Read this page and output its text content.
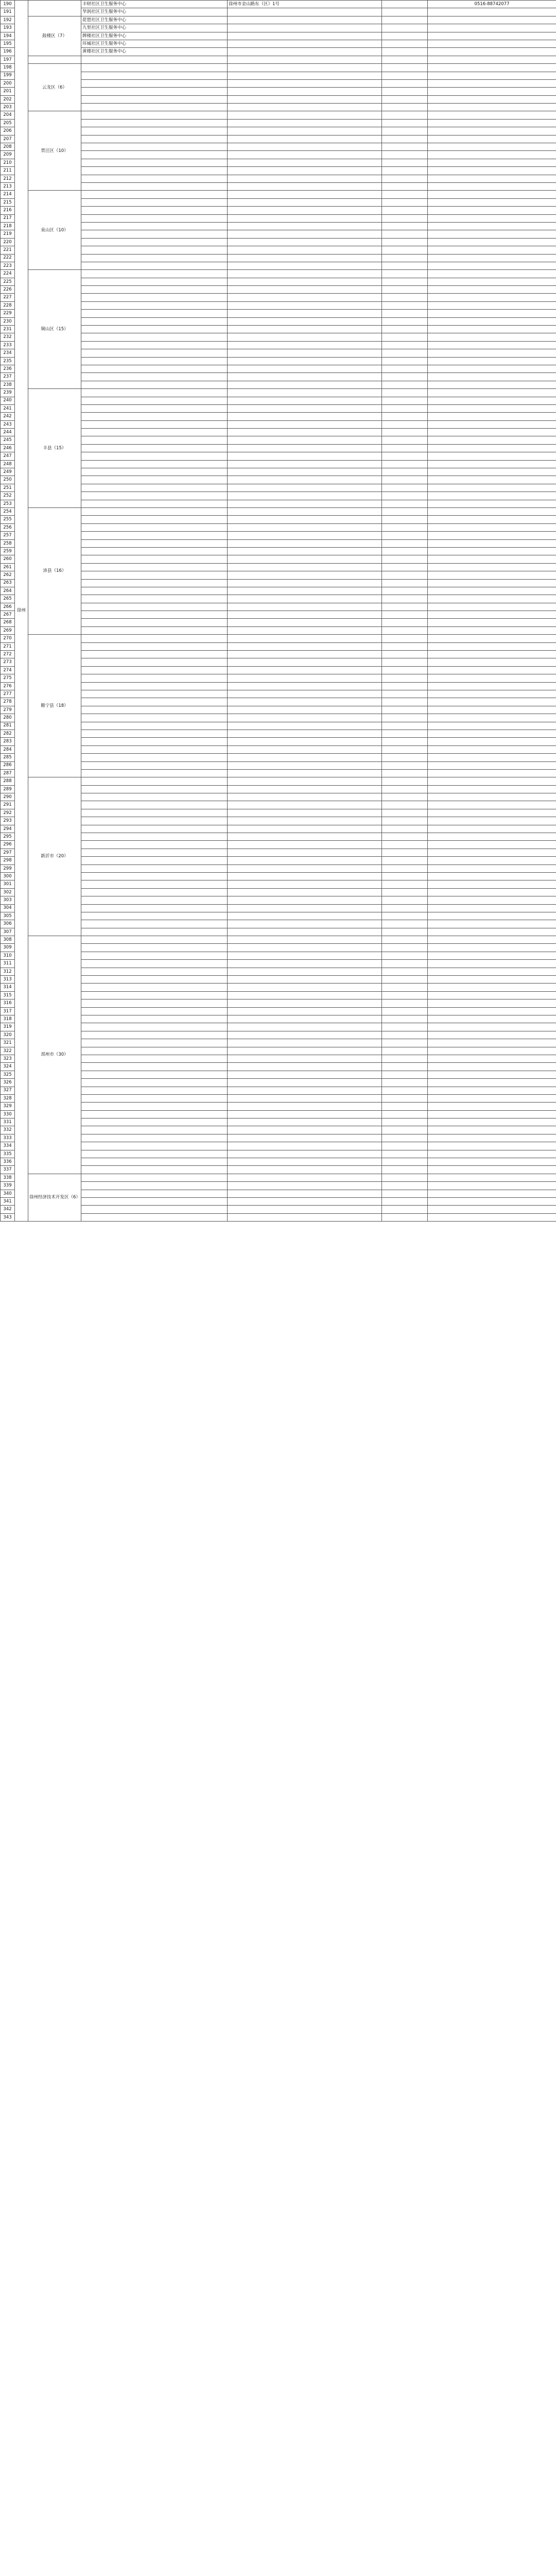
190	徐州		丰财社区卫生服务中心	徐州市金山路东（区）1号		0516-88742077
191			华润社区卫生服务中心			
192		鼓楼区（7）	琵琶社区卫生服务中心			
193			九里社区卫生服务中心			
194			牌楼社区卫生服务中心			
195			环城社区卫生服务中心			
196			黄楼社区卫生服务中心			
197						
198		云龙区（6）				
199						
200						
201						
202						
203						
204		贾汪区（10）				
205						
206						
207						
208						
209						
210						
211						
212						
213						
214		泉山区（10）				
215						
216						
217						
218						
219						
220						
221						
222						
223						
224		铜山区（15）				
225						
226						
227						
228						
229						
230						
231						
232						
233						
234						
235						
236						
237						
238						
239		丰县（15）				
240						
241						
242						
243						
244						
245						
246						
247						
248						
249						
250						
251						
252						
253						
254		沛县（16）				
255						
256						
257						
258						
259						
260						
261						
262						
263						
264						
265						
266						
267						
268						
269						
270		睢宁县（18）				
271						
272						
273						
274						
275						
276						
277						
278						
279						
280						
281						
282						
283						
284						
285						
286						
287						
288		新沂市（20）				
289						
290						
291						
292						
293						
294						
295						
296						
297						
298						
299						
300						
301						
302						
303						
304						
305						
306						
307						
308		邳州市（30）				
309						
310						
311						
312						
313						
314						
315						
316						
317						
318						
319						
320						
321						
322						
323						
324						
325						
326						
327						
328						
329						
330						
331						
332						
333						
334						
335						
336						
337						
338		徐州经济技术开发区（6）				
339						
340						
341						
342						
343						
